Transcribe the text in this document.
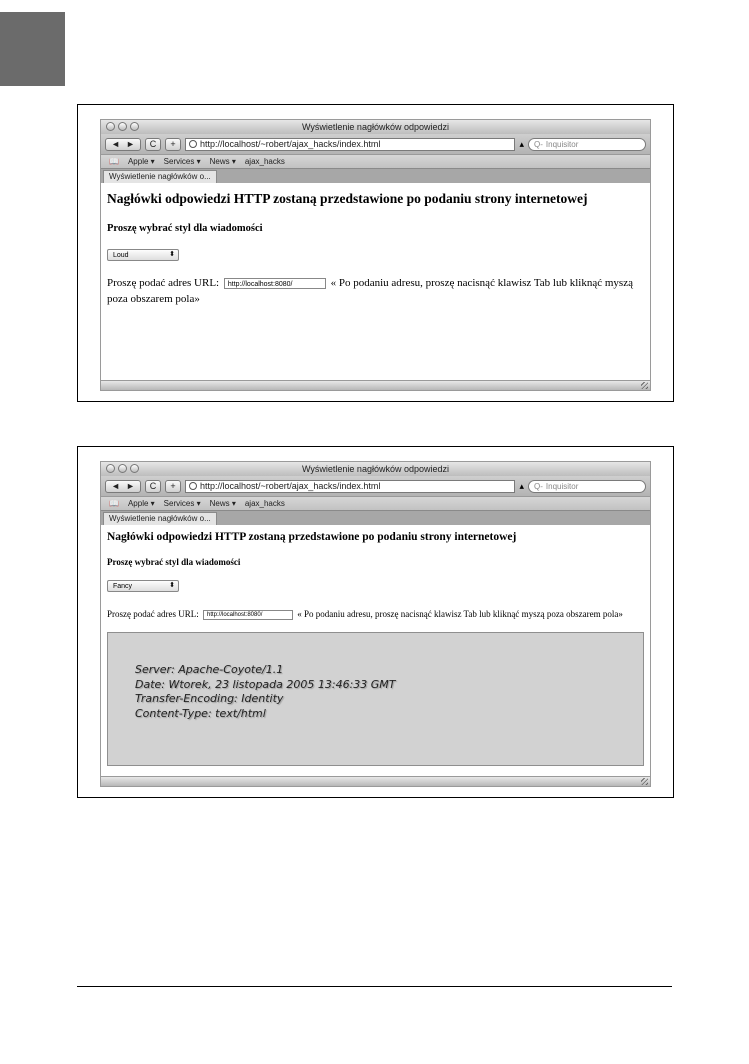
Wyświetlenie nagłówków odpowiedzi
◄ ► C +	http://localhost/~robert/ajax_hacks/index.html	▴ Q- Inquisitor
📖 Apple ▾ Services ▾ News ▾ ajax_hacks
Wyświetlenie nagłówków o...
Nagłówki odpowiedzi HTTP zostaną przedstawione po podaniu strony internetowej
Proszę wybrać styl dla wiadomości
Loud	⬍
Proszę podać adres URL: http://localhost:8080/	« Po podaniu adresu, proszę nacisnąć klawisz Tab lub kliknąć myszą poza obszarem pola»
Wyświetlenie nagłówków odpowiedzi
◄ ► C +	http://localhost/~robert/ajax_hacks/index.html	▴ Q- Inquisitor
📖 Apple ▾ Services ▾ News ▾ ajax_hacks
Wyświetlenie nagłówków o...
Nagłówki odpowiedzi HTTP zostaną przedstawione po podaniu strony internetowej
Proszę wybrać styl dla wiadomości
Fancy	⬍
Proszę podać adres URL: http://localhost:8080/	« Po podaniu adresu, proszę nacisnąć klawisz Tab lub kliknąć myszą poza obszarem pola»
Server: Apache-Coyote/1.1
Date: Wtorek, 23 listopada 2005 13:46:33 GMT
Transfer-Encoding: Identity
Content-Type: text/html
